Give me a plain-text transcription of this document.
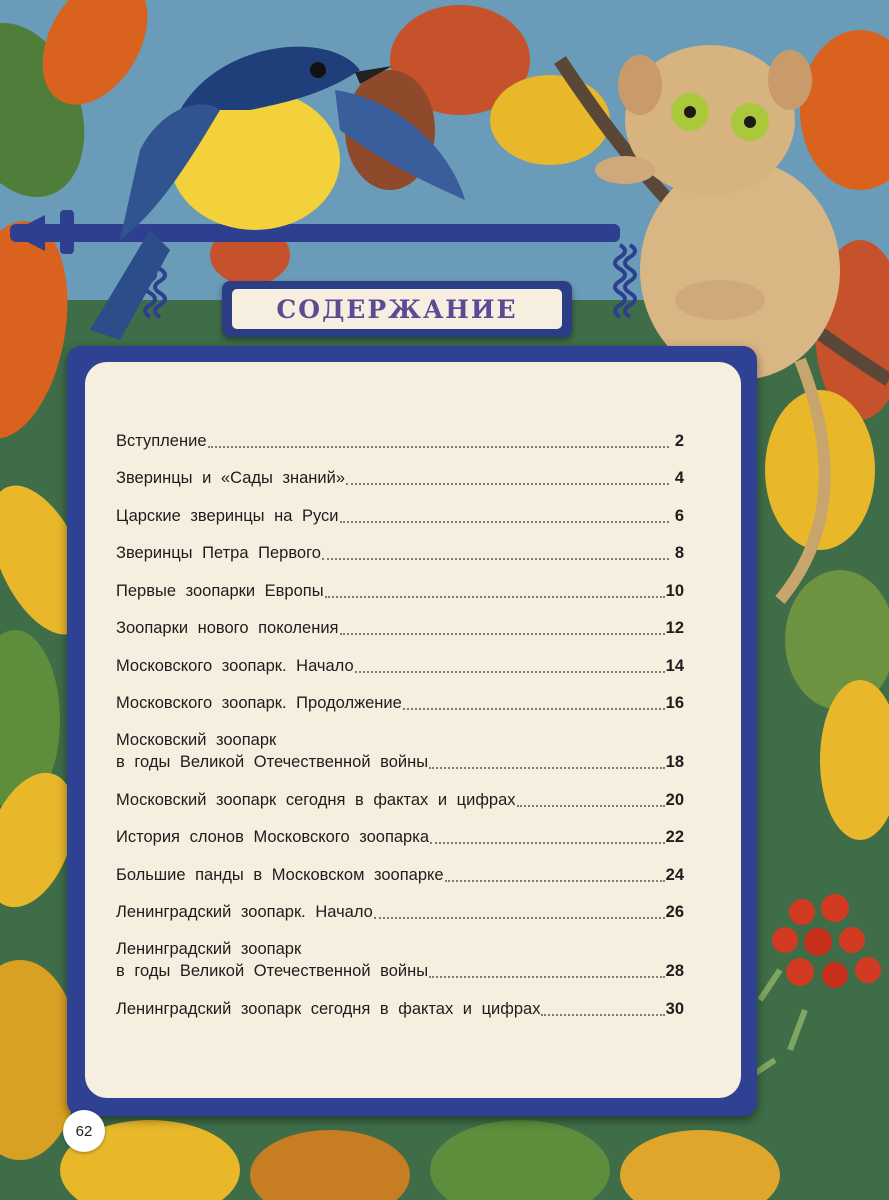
СОДЕРЖАНИЕ
Вступление	2
Зверинцы и «Сады знаний»	4
Царские зверинцы на Руси	6
Зверинцы Петра Первого	8
Первые зоопарки Европы	10
Зоопарки нового поколения	12
Московского зоопарк. Начало	14
Московского зоопарк. Продолжение	16
Московский зоопарк
в годы Великой Отечественной войны	18
Московский зоопарк сегодня в фактах и цифрах	20
История слонов Московского зоопарка	22
Большие панды в Московском зоопарке	24
Ленинградский зоопарк. Начало	26
Ленинградский зоопарк
в годы Великой Отечественной войны	28
Ленинградский зоопарк сегодня в фактах и цифрах	30
62
